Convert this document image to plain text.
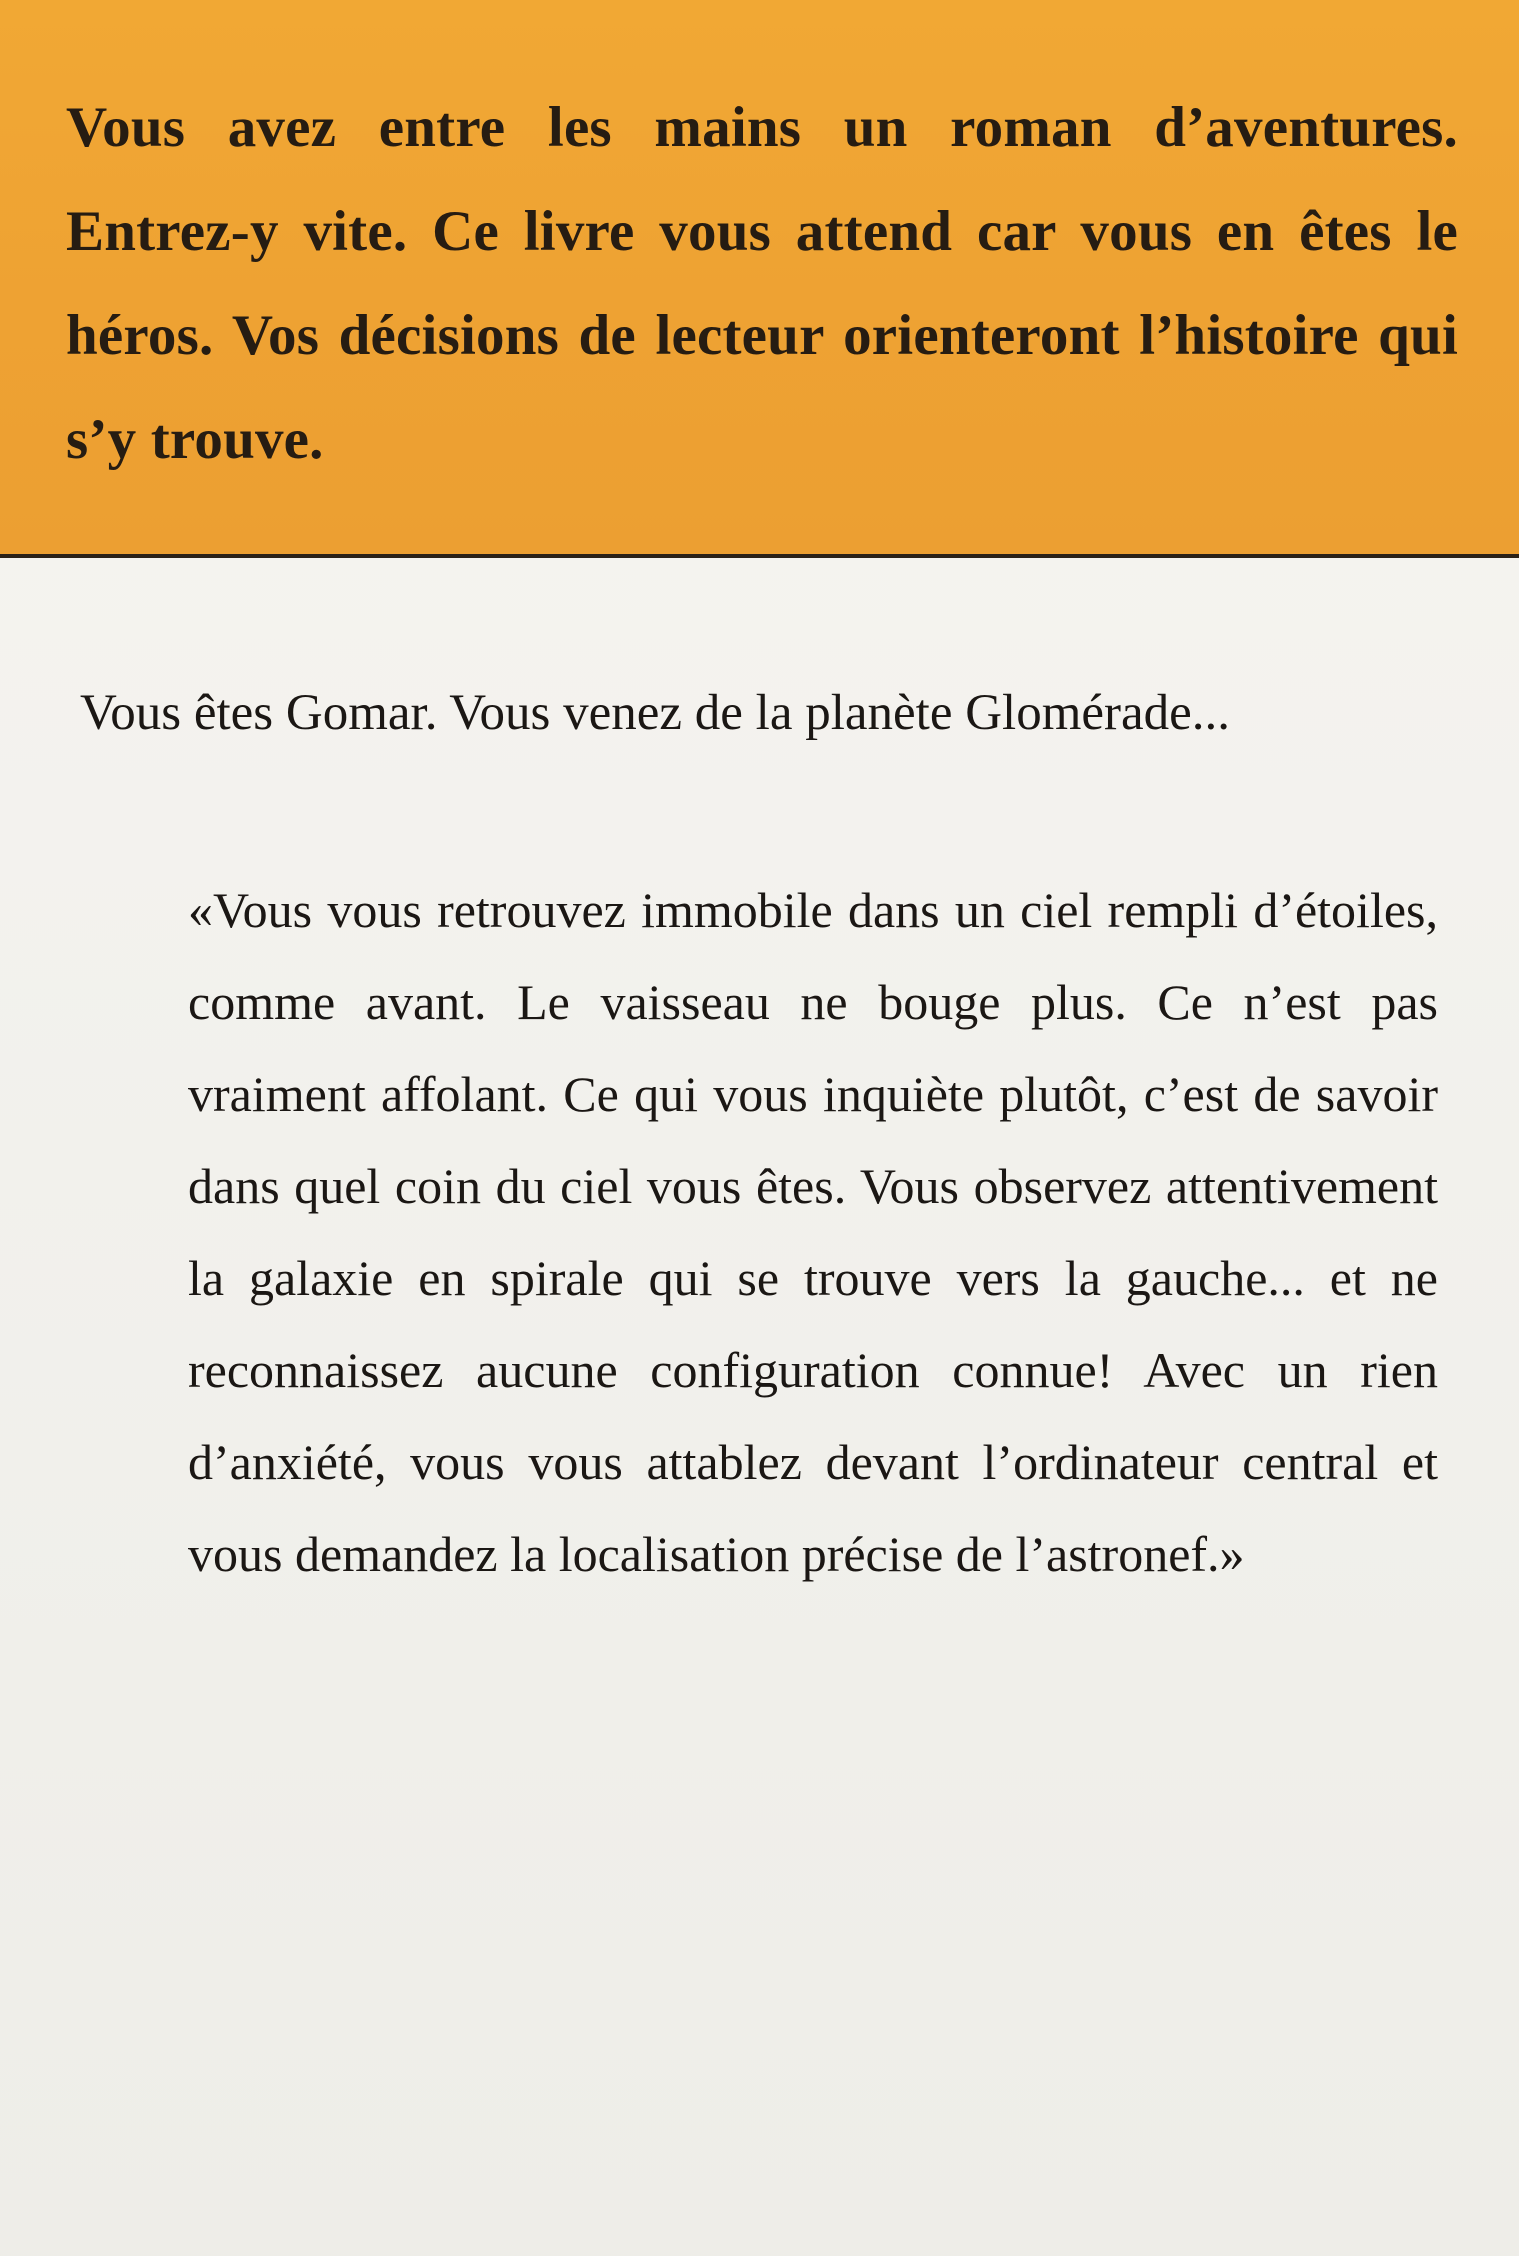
Vous avez entre les mains un roman d’aventures. Entrez-y vite. Ce livre vous attend car vous en êtes le héros. Vos décisions de lecteur orienteront l’histoire qui s’y trouve.

Vous êtes Gomar. Vous venez de la planète Glomérade...

«Vous vous retrouvez immobile dans un ciel rempli d’étoiles, comme avant. Le vaisseau ne bouge plus. Ce n’est pas vraiment affolant. Ce qui vous inquiète plutôt, c’est de savoir dans quel coin du ciel vous êtes. Vous observez attentivement la galaxie en spirale qui se trouve vers la gauche... et ne reconnaissez aucune configuration connue! Avec un rien d’anxiété, vous vous attablez devant l’ordinateur central et vous demandez la localisation précise de l’astronef.»
